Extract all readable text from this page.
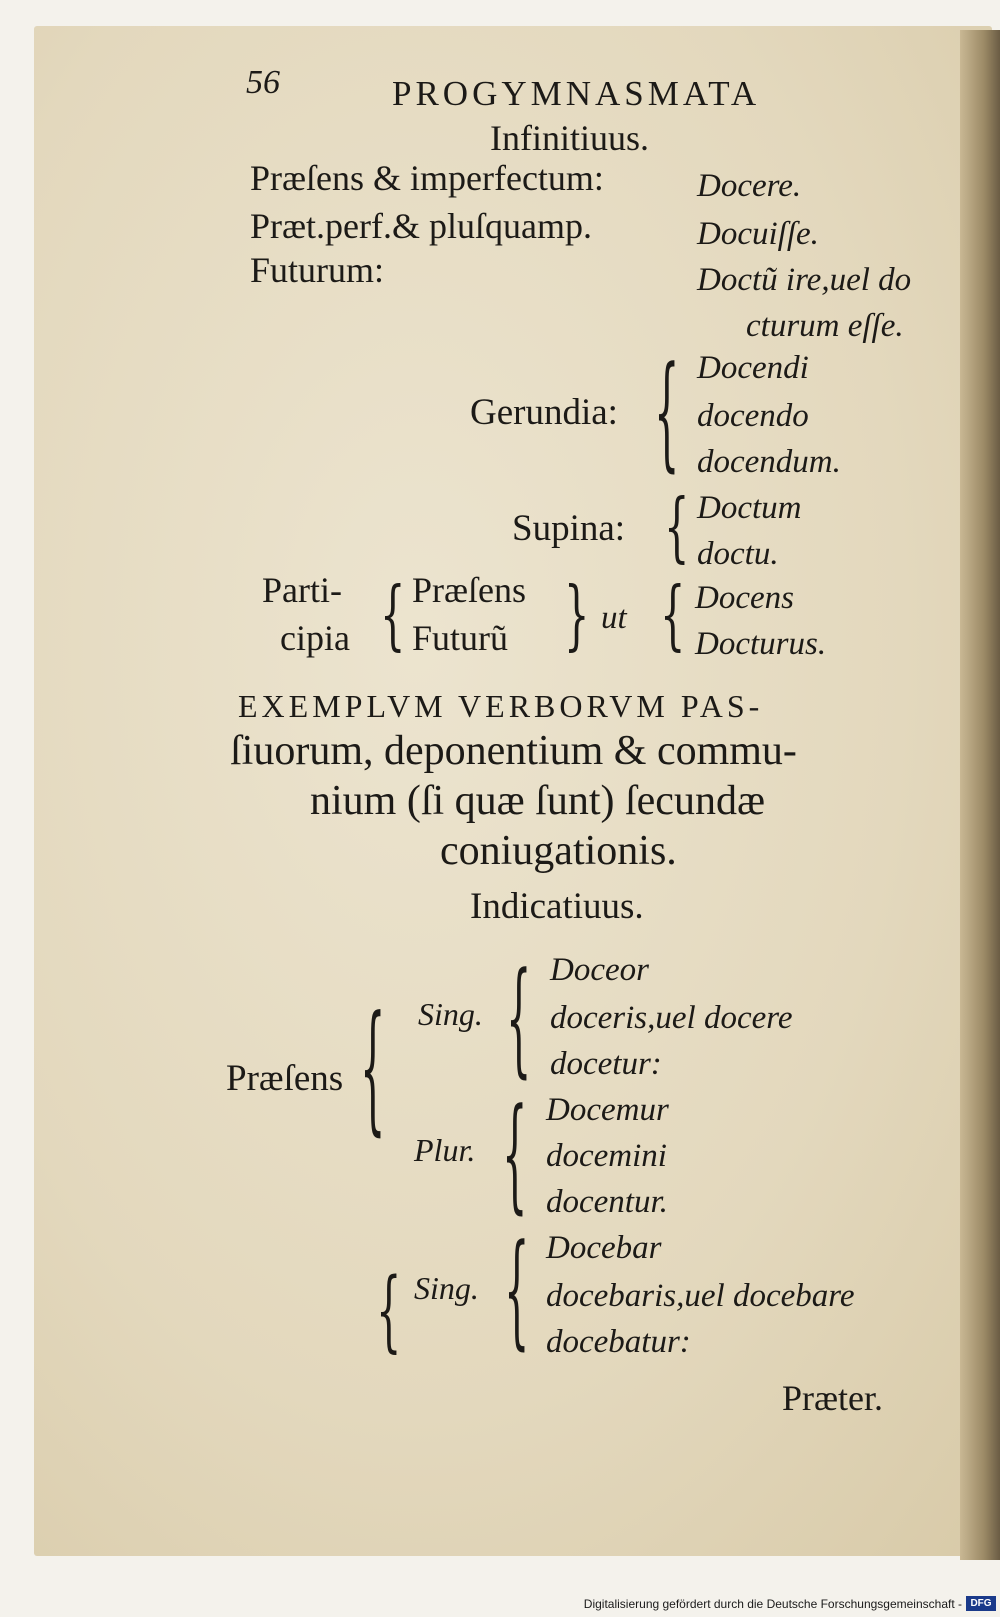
56	PROGYMNASMATA
Infinitiuus.
Præſens & imperfectum:	Docere.
Præt.perf.& pluſquamp.	Docuiſſe.
Futurum:	Doctũ ire,uel do
cturum eſſe.
Gerundia: { Docendi
docendo
docendum.
Supina: { Doctum
doctu.
Parti-
cipia { Præſens
Futurũ } ut { Docens
Docturus.
EXEMPLVM VERBORVM PAS-
ſiuorum, deponentium & commu-
nium (ſi quæ ſunt) ſecundæ
coniugationis.
Indicatiuus.
Præſens { Sing. { Doceor
doceris,uel docere
docetur:
Plur. { Docemur
docemini
docentur.
{ Sing. { Docebar
docebaris,uel docebare
docebatur:
Præter.
Digitalisierung gefördert durch die Deutsche Forschungsgemeinschaft - DFG
